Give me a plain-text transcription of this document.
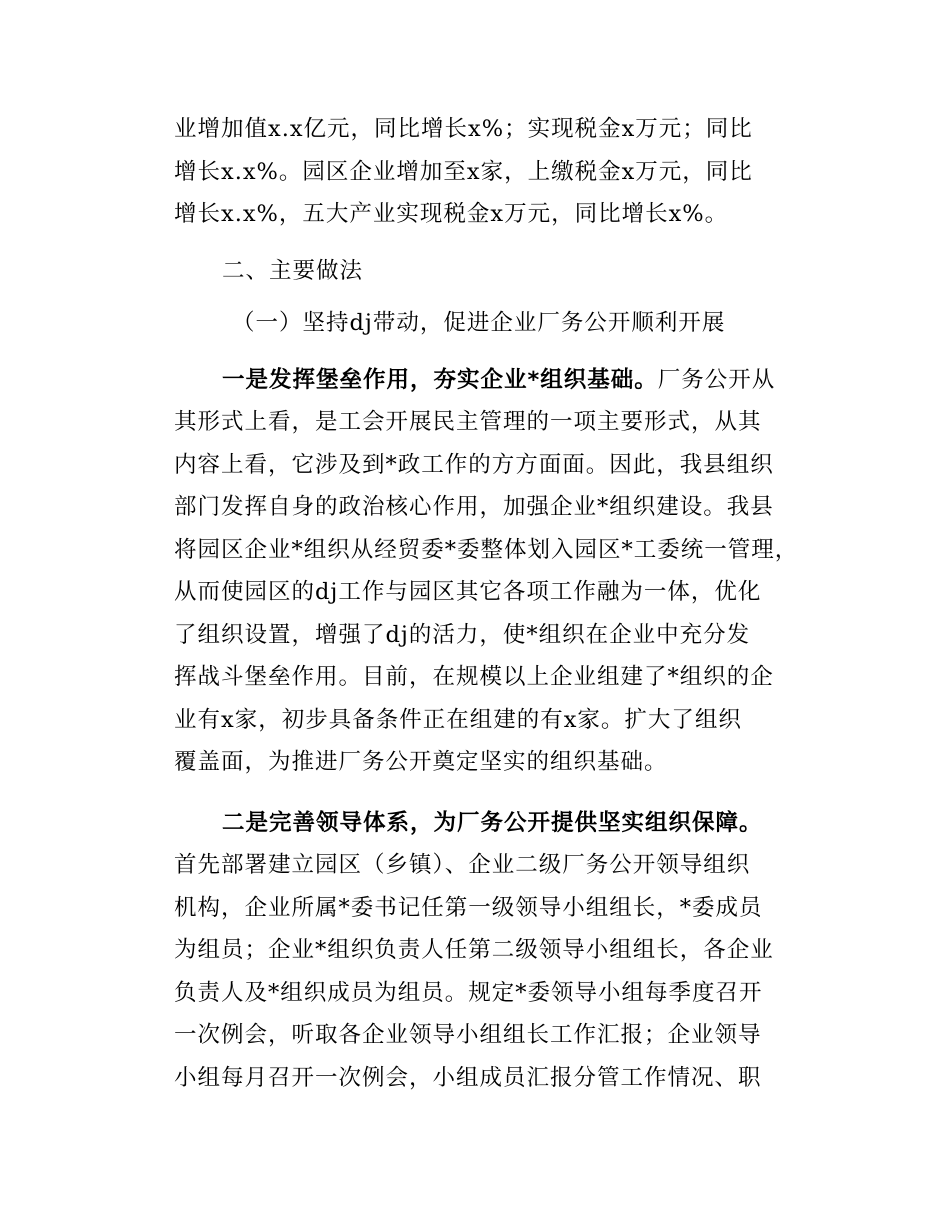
业增加值x.x亿元，同比增长x%；实现税金x万元；同比
增长x.x%。园区企业增加至x家，上缴税金x万元，同比
增长x.x%，五大产业实现税金x万元，同比增长x%。
二、主要做法
（一）坚持dj带动，促进企业厂务公开顺利开展
一是发挥堡垒作用，夯实企业*组织基础。厂务公开从
其形式上看，是工会开展民主管理的一项主要形式，从其
内容上看，它涉及到*政工作的方方面面。因此，我县组织
部门发挥自身的政治核心作用，加强企业*组织建设。我县
将园区企业*组织从经贸委*委整体划入园区*工委统一管理，
从而使园区的dj工作与园区其它各项工作融为一体，优化
了组织设置，增强了dj的活力，使*组织在企业中充分发
挥战斗堡垒作用。目前，在规模以上企业组建了*组织的企
业有x家，初步具备条件正在组建的有x家。扩大了组织
覆盖面，为推进厂务公开奠定坚实的组织基础。
二是完善领导体系，为厂务公开提供坚实组织保障。
首先部署建立园区（乡镇）、企业二级厂务公开领导组织
机构，企业所属*委书记任第一级领导小组组长，*委成员
为组员；企业*组织负责人任第二级领导小组组长，各企业
负责人及*组织成员为组员。规定*委领导小组每季度召开
一次例会，听取各企业领导小组组长工作汇报；企业领导
小组每月召开一次例会，小组成员汇报分管工作情况、职
